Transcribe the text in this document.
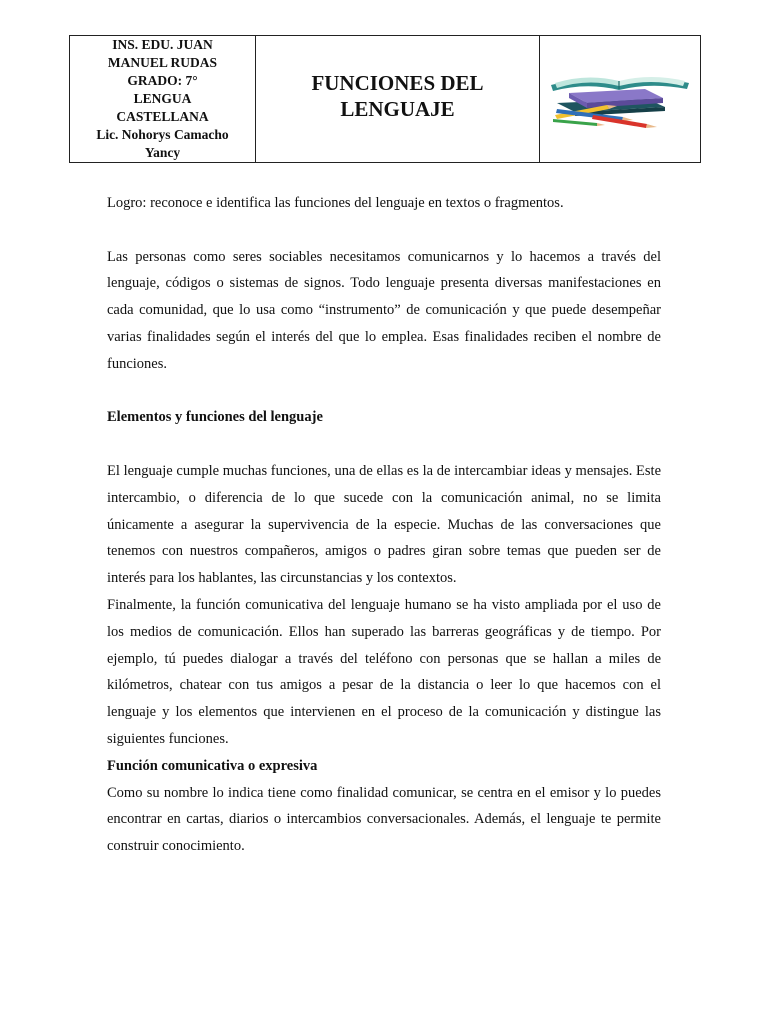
INS. EDU. JUAN
MANUEL RUDAS
GRADO: 7°
LENGUA
CASTELLANA
Lic. Nohorys Camacho
Yancy

FUNCIONES DEL
LENGUAJE

Logro: reconoce e identifica las funciones del lenguaje en textos o fragmentos.

Las personas como seres sociables necesitamos comunicarnos y lo hacemos a través del lenguaje, códigos o sistemas de signos. Todo lenguaje presenta diversas manifestaciones en cada comunidad, que lo usa como “instrumento” de comunicación y que puede desempeñar varias finalidades según el interés del que lo emplea. Esas finalidades reciben el nombre de funciones.

Elementos y funciones del lenguaje

El lenguaje cumple muchas funciones, una de ellas es la de intercambiar ideas y mensajes. Este intercambio, o diferencia de lo que sucede con la comunicación animal, no se limita únicamente a asegurar la supervivencia de la especie. Muchas de las conversaciones que tenemos con nuestros compañeros, amigos o padres giran sobre temas que pueden ser de interés para los hablantes, las circunstancias y los contextos.

Finalmente, la función comunicativa del lenguaje humano se ha visto ampliada por el uso de los medios de comunicación. Ellos han superado las barreras geográficas y de tiempo. Por ejemplo, tú puedes dialogar a través del teléfono con personas que se hallan a miles de kilómetros, chatear con tus amigos a pesar de la distancia o leer lo que hacemos con el lenguaje y los elementos que intervienen en el proceso de la comunicación y distingue las siguientes funciones.

Función comunicativa o expresiva

Como su nombre lo indica tiene como finalidad comunicar, se centra en el emisor y lo puedes encontrar en cartas, diarios o intercambios conversacionales. Además, el lenguaje te permite construir conocimiento.
